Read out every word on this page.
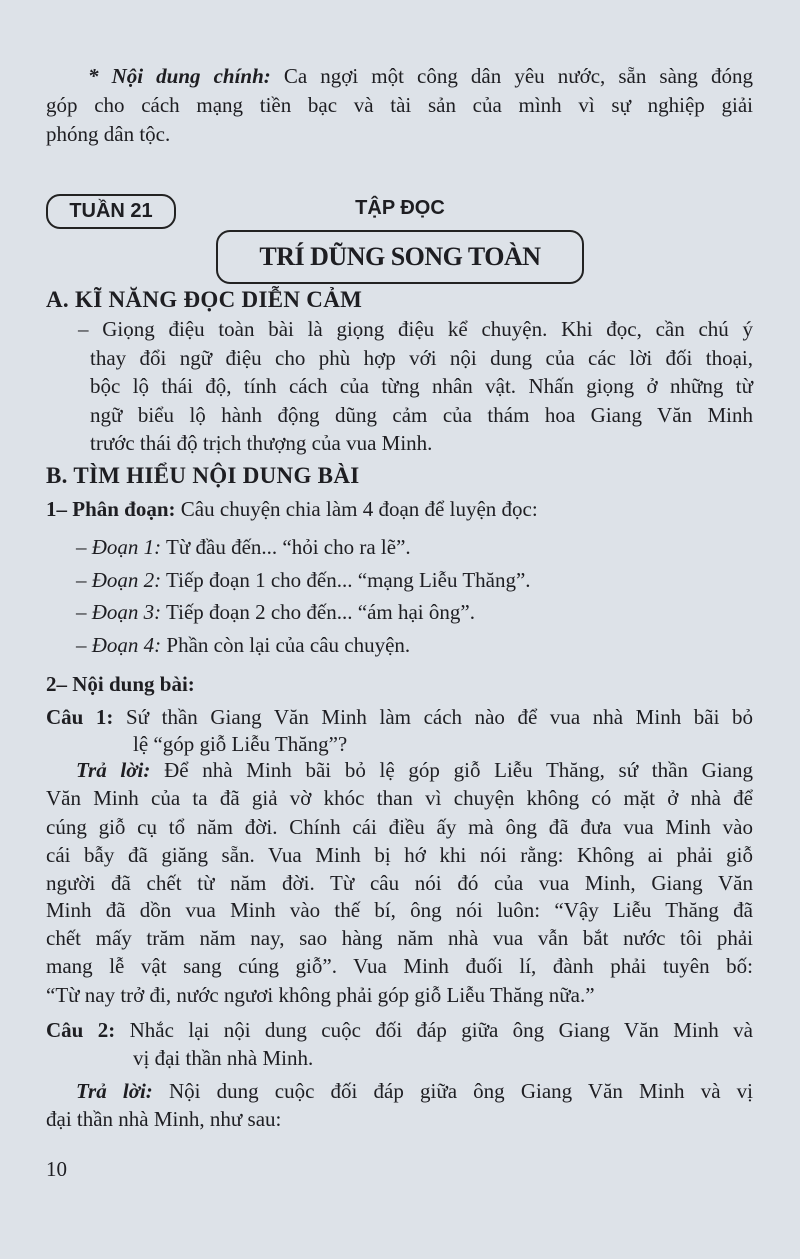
* Nội dung chính: Ca ngợi một công dân yêu nước, sẵn sàng đóng
góp cho cách mạng tiền bạc và tài sản của mình vì sự nghiệp giải
phóng dân tộc.
TUẦN 21	TẬP ĐỌC
TRÍ DŨNG SONG TOÀN
A. KĨ NĂNG ĐỌC DIỄN CẢM
– Giọng điệu toàn bài là giọng điệu kể chuyện. Khi đọc, cần chú ý
thay đổi ngữ điệu cho phù hợp với nội dung của các lời đối thoại,
bộc lộ thái độ, tính cách của từng nhân vật. Nhấn giọng ở những từ
ngữ biểu lộ hành động dũng cảm của thám hoa Giang Văn Minh
trước thái độ trịch thượng của vua Minh.
B. TÌM HIỂU NỘI DUNG BÀI
1– Phân đoạn: Câu chuyện chia làm 4 đoạn để luyện đọc:
– Đoạn 1: Từ đầu đến... “hỏi cho ra lẽ”.
– Đoạn 2: Tiếp đoạn 1 cho đến... “mạng Liễu Thăng”.
– Đoạn 3: Tiếp đoạn 2 cho đến... “ám hại ông”.
– Đoạn 4: Phần còn lại của câu chuyện.
2– Nội dung bài:
Câu 1: Sứ thần Giang Văn Minh làm cách nào để vua nhà Minh bãi bỏ
lệ “góp giỗ Liễu Thăng”?
Trả lời: Để nhà Minh bãi bỏ lệ góp giỗ Liễu Thăng, sứ thần Giang
Văn Minh của ta đã giả vờ khóc than vì chuyện không có mặt ở nhà để
cúng giỗ cụ tổ năm đời. Chính cái điều ấy mà ông đã đưa vua Minh vào
cái bẫy đã giăng sẵn. Vua Minh bị hớ khi nói rằng: Không ai phải giỗ
người đã chết từ năm đời. Từ câu nói đó của vua Minh, Giang Văn
Minh đã dồn vua Minh vào thế bí, ông nói luôn: “Vậy Liễu Thăng đã
chết mấy trăm năm nay, sao hàng năm nhà vua vẫn bắt nước tôi phải
mang lễ vật sang cúng giỗ”. Vua Minh đuối lí, đành phải tuyên bố:
“Từ nay trở đi, nước ngươi không phải góp giỗ Liễu Thăng nữa.”
Câu 2: Nhắc lại nội dung cuộc đối đáp giữa ông Giang Văn Minh và
vị đại thần nhà Minh.
Trả lời: Nội dung cuộc đối đáp giữa ông Giang Văn Minh và vị
đại thần nhà Minh, như sau:
10
